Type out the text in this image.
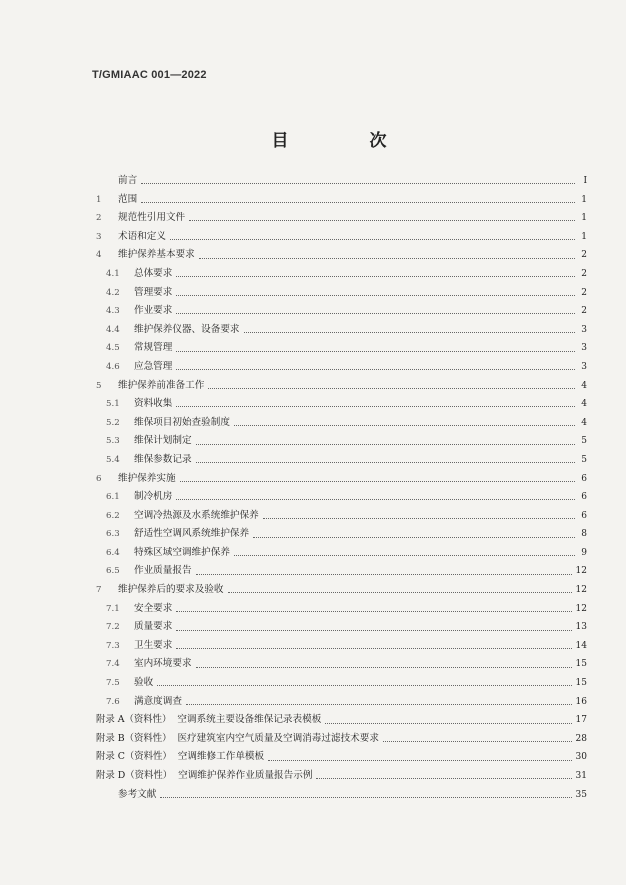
T/GMIAAC 001—2022
目　次
前言	Ⅰ
1	范围	1
2	规范性引用文件	1
3	术语和定义	1
4	维护保养基本要求	2
4.1	总体要求	2
4.2	管理要求	2
4.3	作业要求	2
4.4	维护保养仪器、设备要求	3
4.5	常规管理	3
4.6	应急管理	3
5	维护保养前准备工作	4
5.1	资料收集	4
5.2	维保项目初始查验制度	4
5.3	维保计划制定	5
5.4	维保参数记录	5
6	维护保养实施	6
6.1	制冷机房	6
6.2	空调冷热源及水系统维护保养	6
6.3	舒适性空调风系统维护保养	8
6.4	特殊区域空调维护保养	9
6.5	作业质量报告	12
7	维护保养后的要求及验收	12
7.1	安全要求	12
7.2	质量要求	13
7.3	卫生要求	14
7.4	室内环境要求	15
7.5	验收	15
7.6	满意度调查	16
附录 A（资料性） 空调系统主要设备维保记录表模板	17
附录 B（资料性） 医疗建筑室内空气质量及空调消毒过滤技术要求	28
附录 C（资料性） 空调维修工作单模板	30
附录 D（资料性） 空调维护保养作业质量报告示例	31
参考文献	35
